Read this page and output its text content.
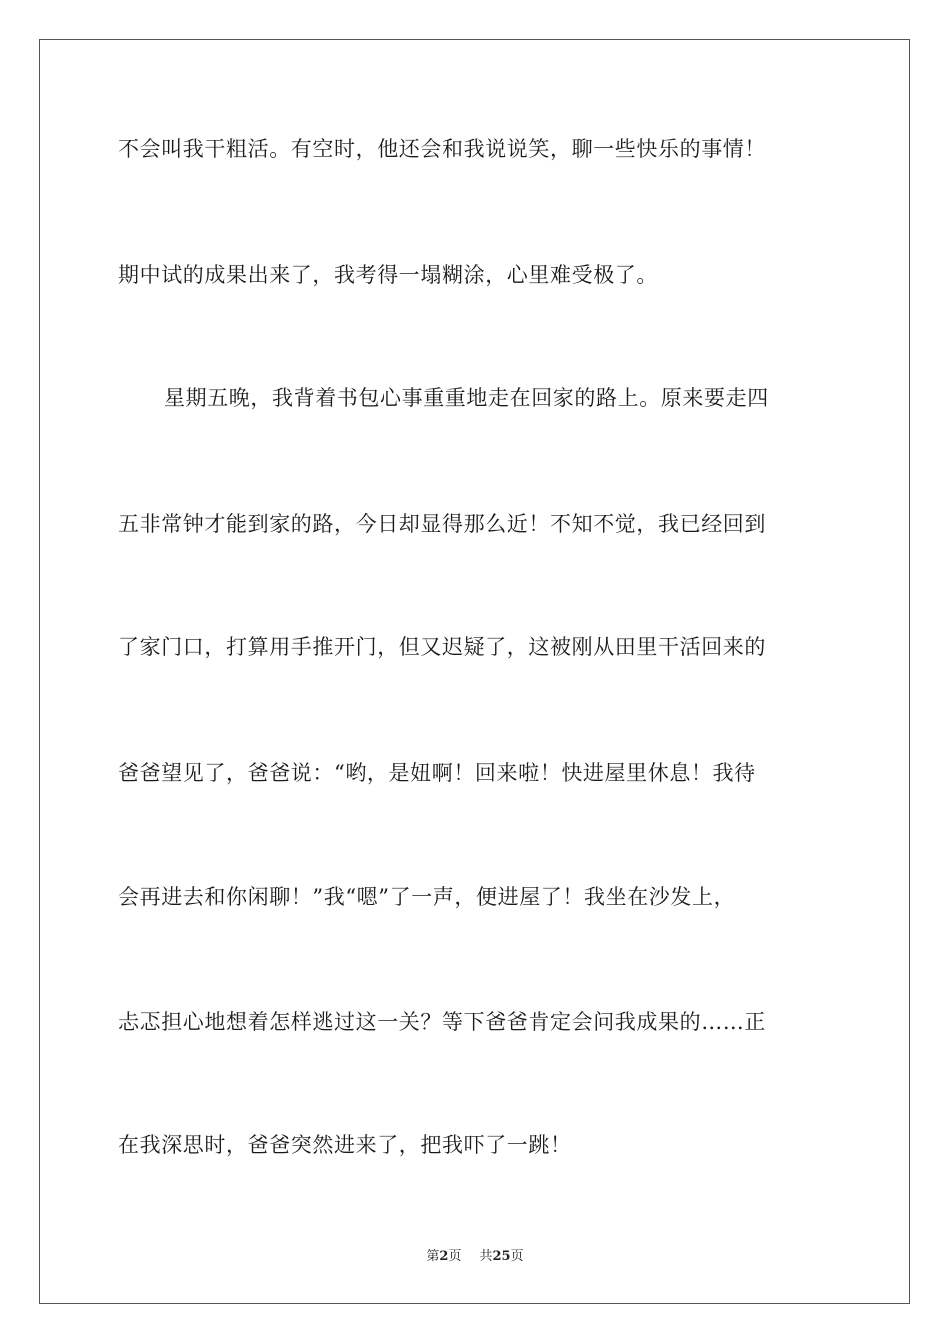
不会叫我干粗活。有空时，他还会和我说说笑，聊一些快乐的事情！
期中试的成果出来了，我考得一塌糊涂，心里难受极了。
星期五晚，我背着书包心事重重地走在回家的路上。原来要走四
五非常钟才能到家的路，今日却显得那么近！不知不觉，我已经回到
了家门口，打算用手推开门，但又迟疑了，这被刚从田里干活回来的
爸爸望见了，爸爸说：“哟，是妞啊！回来啦！快进屋里休息！我待
会再进去和你闲聊！”我“嗯”了一声，便进屋了！我坐在沙发上，
忐忑担心地想着怎样逃过这一关？等下爸爸肯定会问我成果的……正
在我深思时，爸爸突然进来了，把我吓了一跳！
第2页 共25页
